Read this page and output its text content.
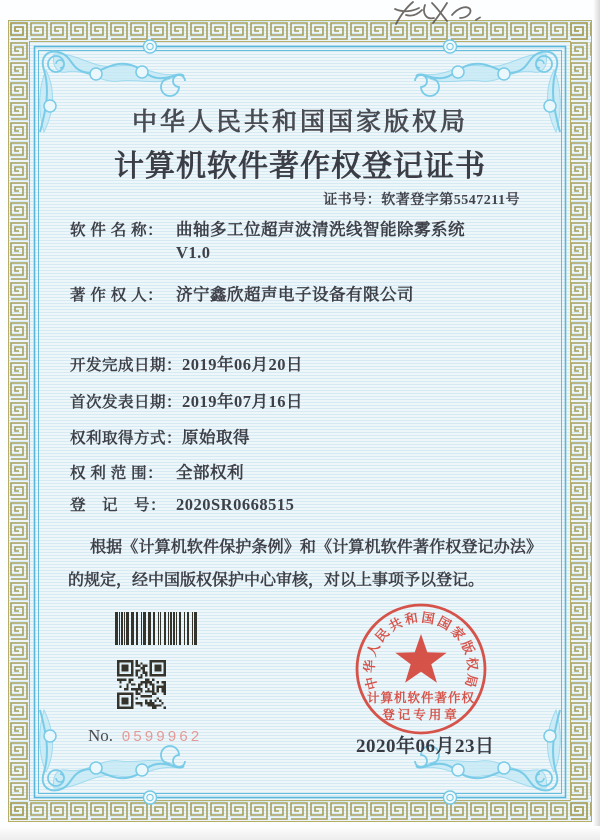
中华人民共和国国家版权局
计算机软件著作权登记证书
证书号：软著登字第5547211号
软 件 名 称： 曲轴多工位超声波清洗线智能除雾系统
V1.0
著 作 权 人： 济宁鑫欣超声电子设备有限公司
开发完成日期： 2019年06月20日
首次发表日期： 2019年07月16日
权利取得方式： 原始取得
权 利 范 围： 全部权利
登　记　号： 2020SR0668515
根据《计算机软件保护条例》和《计算机软件著作权登记办法》的规定，经中国版权保护中心审核，对以上事项予以登记。
No. 0599962	2020年06月23日
中华人民共和国国家版权局
计算机软件著作权
登记专用章
